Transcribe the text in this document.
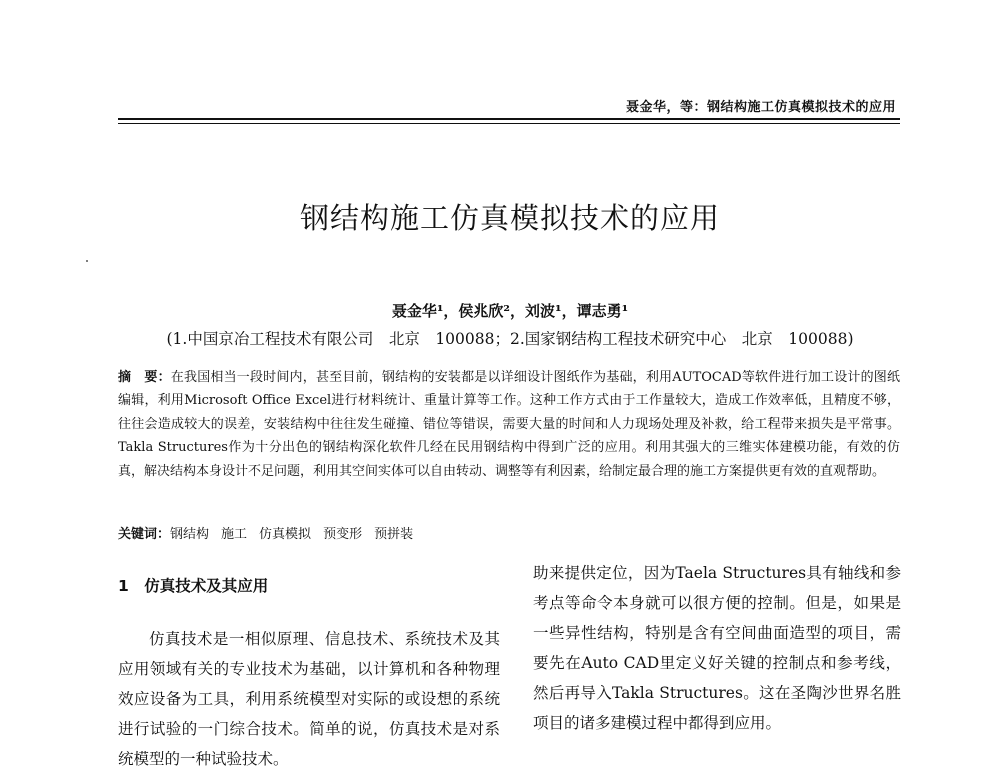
聂金华，等：钢结构施工仿真模拟技术的应用
钢结构施工仿真模拟技术的应用
聂金华¹，侯兆欣²，刘波¹，谭志勇¹
(1.中国京冶工程技术有限公司　北京　100088；2.国家钢结构工程技术研究中心　北京　100088)
摘　要：在我国相当一段时间内，甚至目前，钢结构的安装都是以详细设计图纸作为基础，利用AUTOCAD等软件进行加工设计的图纸编辑，利用Microsoft Office Excel进行材料统计、重量计算等工作。这种工作方式由于工作量较大，造成工作效率低，且精度不够，往往会造成较大的误差，安装结构中往往发生碰撞、错位等错误，需要大量的时间和人力现场处理及补救，给工程带来损失是平常事。Takla Structures作为十分出色的钢结构深化软件几经在民用钢结构中得到广泛的应用。利用其强大的三维实体建模功能，有效的仿真，解决结构本身设计不足问题，利用其空间实体可以自由转动、调整等有利因素，给制定最合理的施工方案提供更有效的直观帮助。
关键词：钢结构 施工 仿真模拟 预变形 预拼装
1　仿真技术及其应用
仿真技术是一相似原理、信息技术、系统技术及其应用领域有关的专业技术为基础，以计算机和各种物理效应设备为工具，利用系统模型对实际的或设想的系统进行试验的一门综合技术。简单的说，仿真技术是对系统模型的一种试验技术。
助来提供定位，因为Taela Structures具有轴线和参考点等命令本身就可以很方便的控制。但是，如果是一些异性结构，特别是含有空间曲面造型的项目，需要先在Auto CAD里定义好关键的控制点和参考线，然后再导入Takla Structures。这在圣陶沙世界名胜项目的诸多建模过程中都得到应用。
